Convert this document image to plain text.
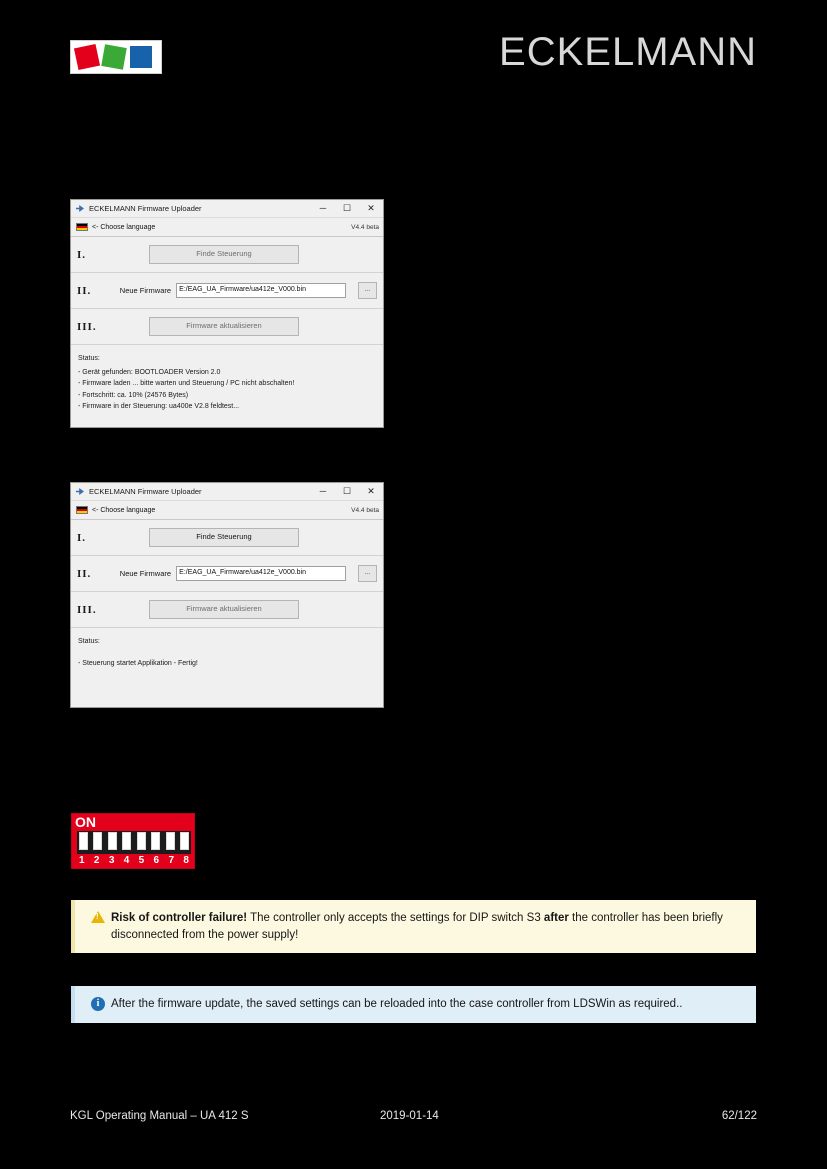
ECKELMANN
ECKELMANN Firmware Uploader	─	☐	✕
<- Choose language	V4.4 beta
I.	Finde Steuerung
II.	Neue Firmware	E:/EAG_UA_Firmware/ua412e_V000.bin	...
III.	Firmware aktualisieren
Status:
- Gerät gefunden: BOOTLOADER Version 2.0
- Firmware laden ... bitte warten und Steuerung / PC nicht abschalten!
- Fortschritt: ca. 10% (24576 Bytes)
- Firmware in der Steuerung: ua400e V2.8 feldtest...
ECKELMANN Firmware Uploader	─	☐	✕
<- Choose language	V4.4 beta
I.	Finde Steuerung
II.	Neue Firmware	E:/EAG_UA_Firmware/ua412e_V000.bin	...
III.	Firmware aktualisieren
Status:
- Steuerung startet Applikation - Fertig!
ON
1 2 3 4 5 6 7 8
!
Risk of controller failure! The controller only accepts the settings for DIP switch S3 after the controller has been briefly disconnected from the power supply!
i	After the firmware update, the saved settings can be reloaded into the case controller from LDSWin as required..
KGL Operating Manual – UA 412 S	2019-01-14	62/122
